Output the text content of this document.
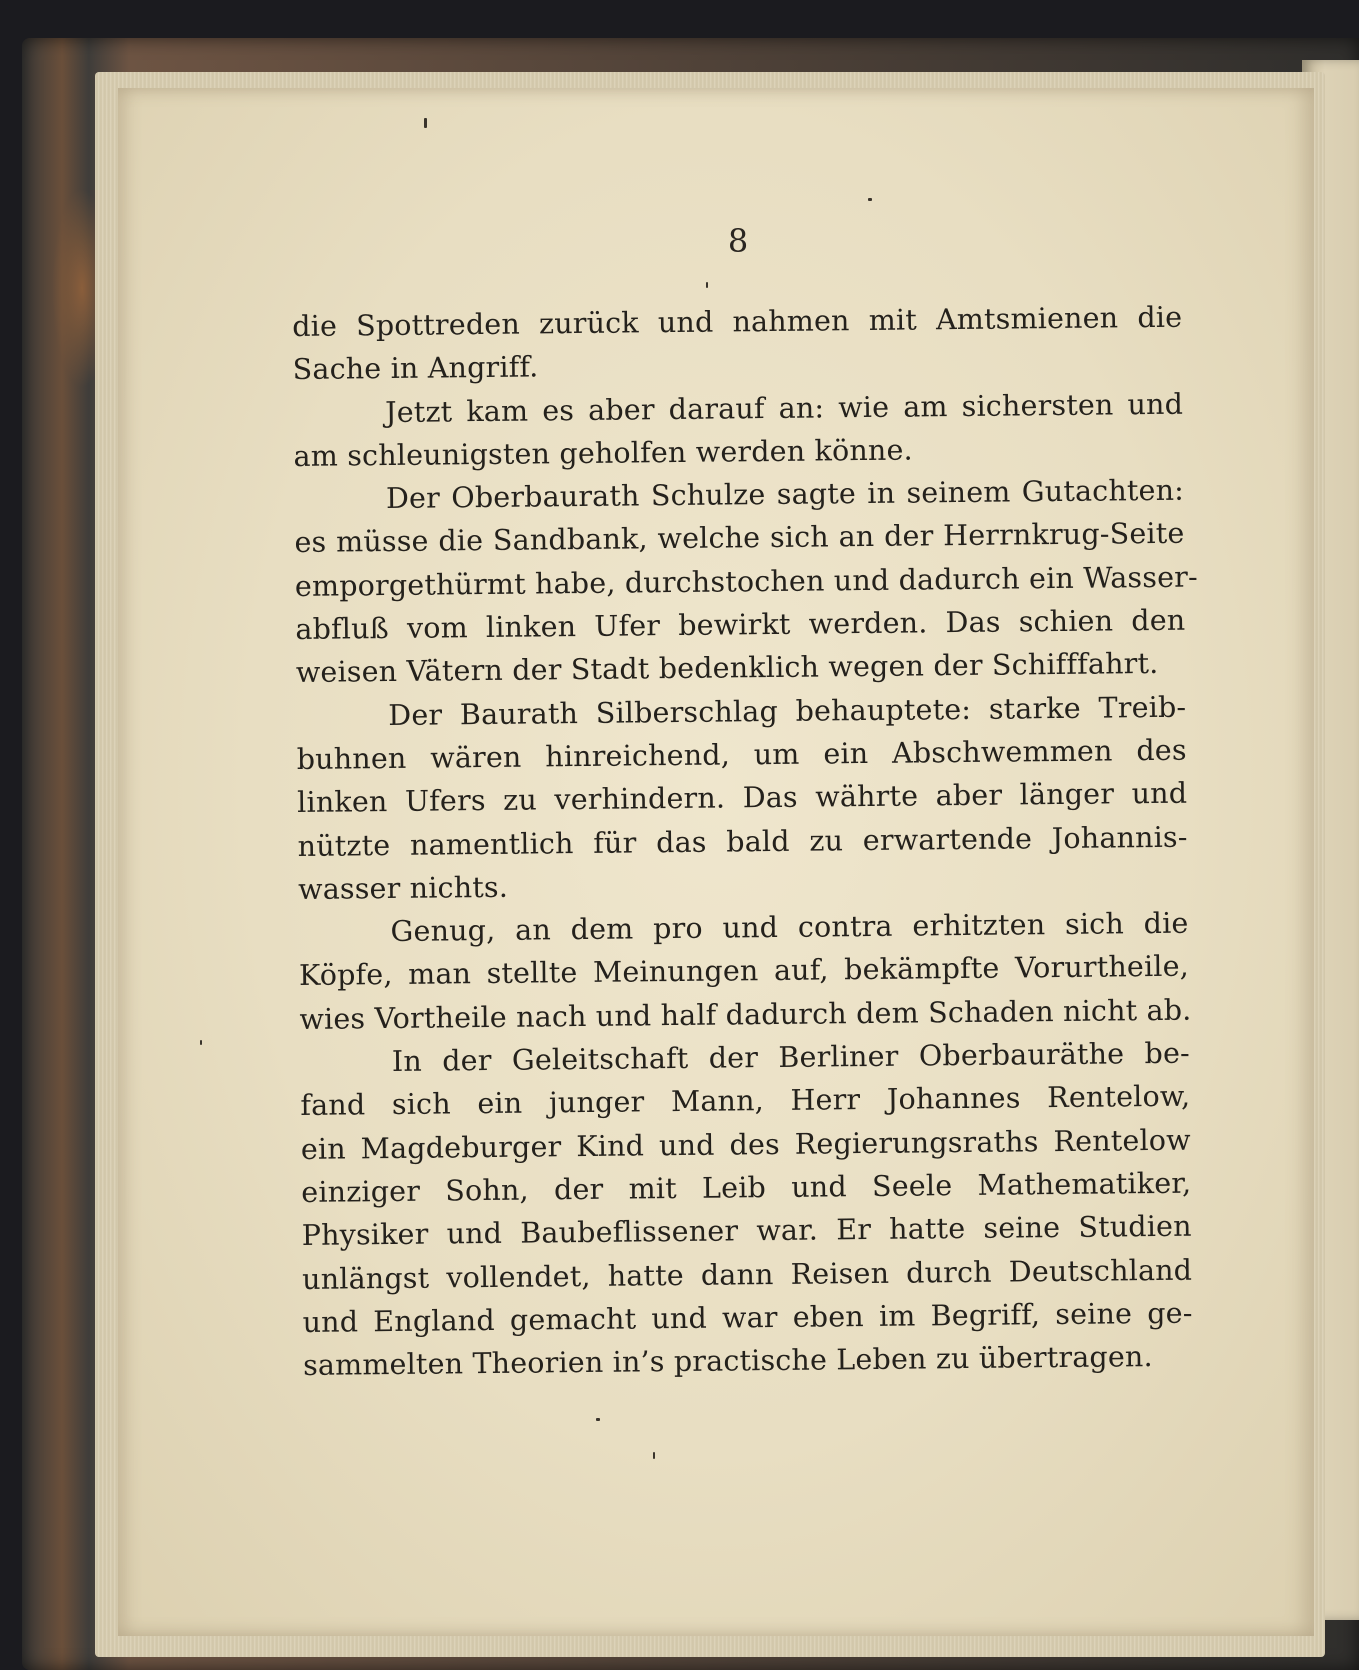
8
die Spottreden zurück und nahmen mit Amtsmienen die
Sache in Angriff.
Jetzt kam es aber darauf an: wie am sichersten und
am schleunigsten geholfen werden könne.
Der Oberbaurath Schulze sagte in seinem Gutachten:
es müsse die Sandbank, welche sich an der Herrnkrug-Seite
emporgethürmt habe, durchstochen und dadurch ein Wasser-
abfluß vom linken Ufer bewirkt werden. Das schien den
weisen Vätern der Stadt bedenklich wegen der Schifffahrt.
Der Baurath Silberschlag behauptete: starke Treib-
buhnen wären hinreichend, um ein Abschwemmen des
linken Ufers zu verhindern. Das währte aber länger und
nützte namentlich für das bald zu erwartende Johannis-
wasser nichts.
Genug, an dem pro und contra erhitzten sich die
Köpfe, man stellte Meinungen auf, bekämpfte Vorurtheile,
wies Vortheile nach und half dadurch dem Schaden nicht ab.
In der Geleitschaft der Berliner Oberbauräthe be-
fand sich ein junger Mann, Herr Johannes Rentelow,
ein Magdeburger Kind und des Regierungsraths Rentelow
einziger Sohn, der mit Leib und Seele Mathematiker,
Physiker und Baubeflissener war. Er hatte seine Studien
unlängst vollendet, hatte dann Reisen durch Deutschland
und England gemacht und war eben im Begriff, seine ge-
sammelten Theorien in’s practische Leben zu übertragen.
